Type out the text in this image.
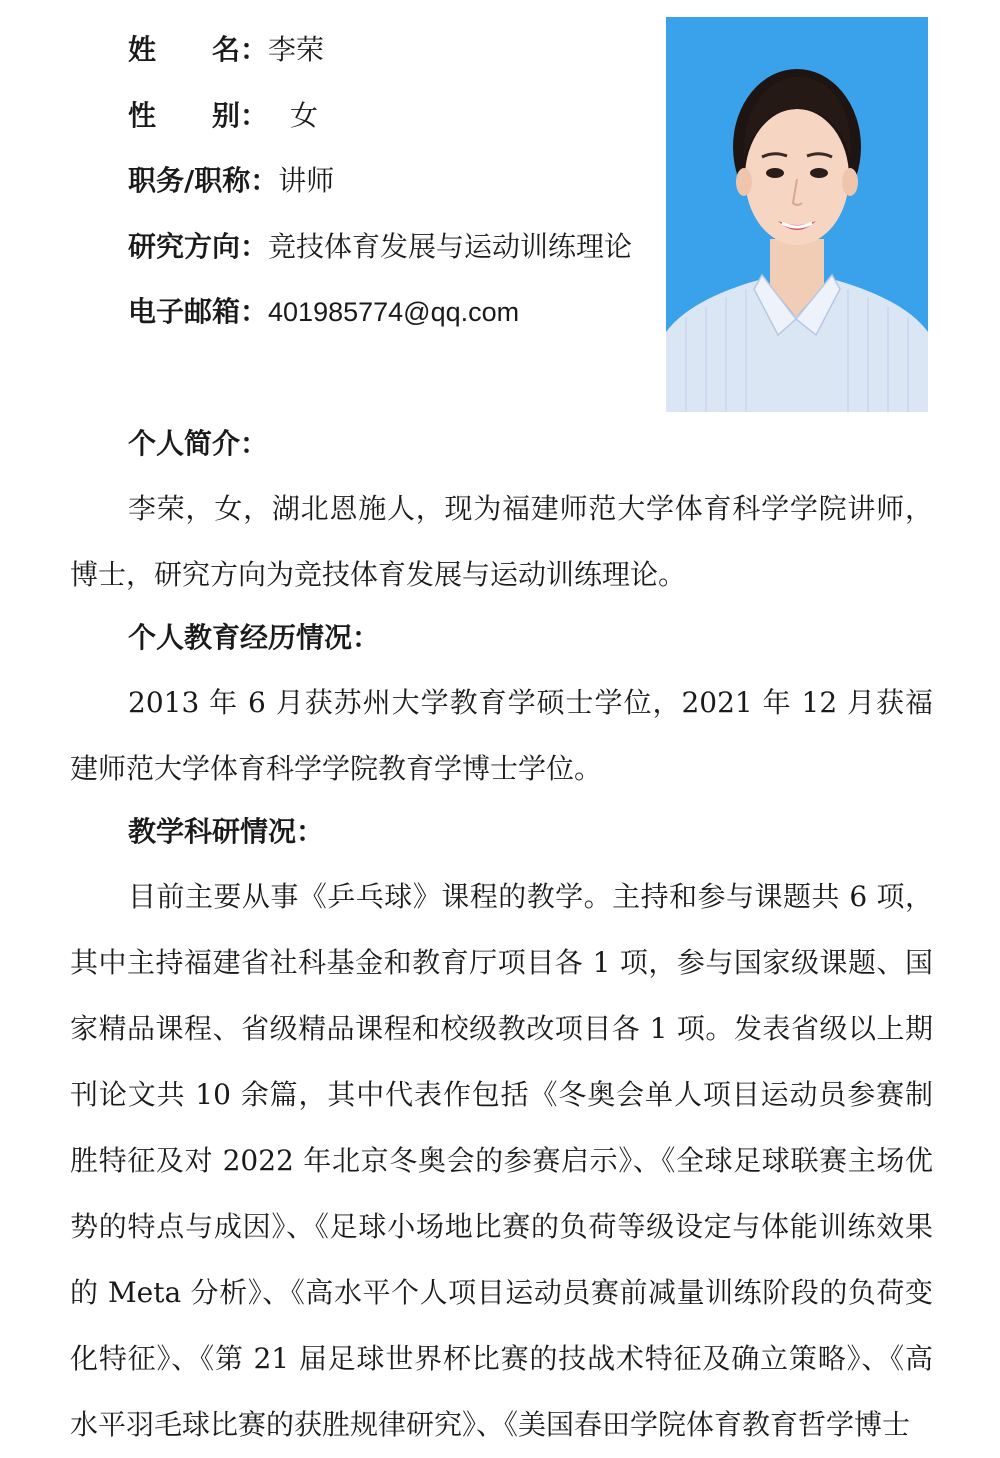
姓　　名：李荣
性　　别： 女
职务/职称：讲师
研究方向：竞技体育发展与运动训练理论
电子邮箱：401985774@qq.com
个人简介：

李荣，女，湖北恩施人，现为福建师范大学体育科学学院讲师，博士，研究方向为竞技体育发展与运动训练理论。

个人教育经历情况：

2013 年 6 月获苏州大学教育学硕士学位，2021 年 12 月获福建师范大学体育科学学院教育学博士学位。

教学科研情况：

目前主要从事《乒乓球》课程的教学。主持和参与课题共 6 项，其中主持福建省社科基金和教育厅项目各 1 项，参与国家级课题、国家精品课程、省级精品课程和校级教改项目各 1 项。发表省级以上期刊论文共 10 余篇，其中代表作包括《冬奥会单人项目运动员参赛制胜特征及对 2022 年北京冬奥会的参赛启示》、《全球足球联赛主场优势的特点与成因》、《足球小场地比赛的负荷等级设定与体能训练效果的 Meta 分析》、《高水平个人项目运动员赛前减量训练阶段的负荷变化特征》、《第 21 届足球世界杯比赛的技战术特征及确立策略》、《高水平羽毛球比赛的获胜规律研究》、《美国春田学院体育教育哲学博士
